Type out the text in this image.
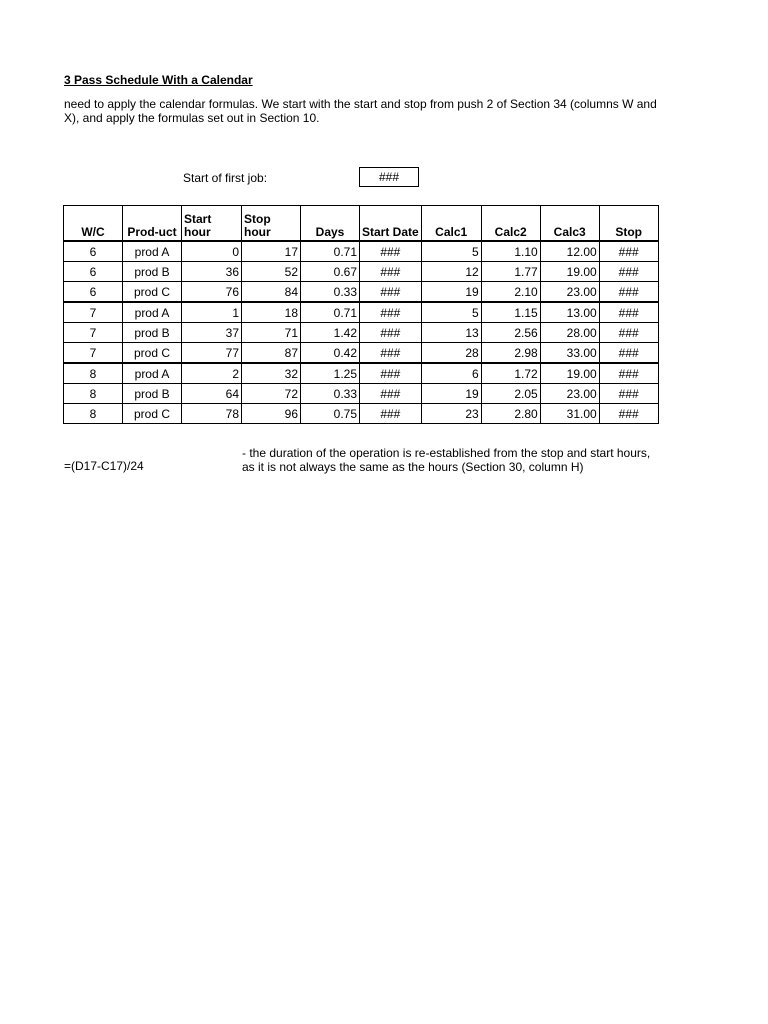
3 Pass Schedule With a Calendar
need to apply the calendar formulas. We start with the start and stop from push 2 of Section 34 (columns W and X), and apply the formulas set out in Section 10.
Start of first job:	###
W/C	Prod-uct	Start hour	Stop hour	Days	Start Date	Calc1	Calc2	Calc3	Stop
6	prod A	0	17	0.71	###	5	1.10	12.00	###
6	prod B	36	52	0.67	###	12	1.77	19.00	###
6	prod C	76	84	0.33	###	19	2.10	23.00	###
7	prod A	1	18	0.71	###	5	1.15	13.00	###
7	prod B	37	71	1.42	###	13	2.56	28.00	###
7	prod C	77	87	0.42	###	28	2.98	33.00	###
8	prod A	2	32	1.25	###	6	1.72	19.00	###
8	prod B	64	72	0.33	###	19	2.05	23.00	###
8	prod C	78	96	0.75	###	23	2.80	31.00	###
=(D17-C17)/24
- the duration of the operation is re-established from the stop and start hours, as it is not always the same as the hours (Section 30, column H)
